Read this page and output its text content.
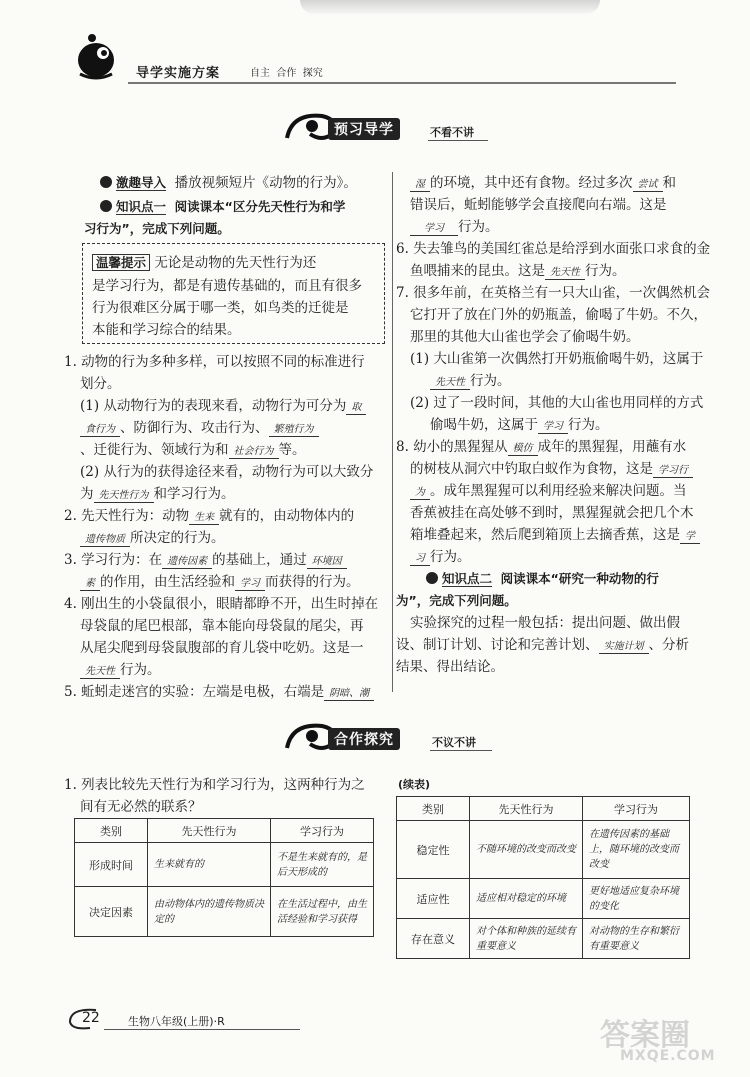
导学实施方案	自主  合作  探究
预习导学	不看不讲
激趣导入 播放视频短片《动物的行为》。
知识点一 阅读课本“区分先天性行为和学
习行为”，完成下列问题。
温馨提示 无论是动物的先天性行为还
是学习行为，都是有遗传基础的，而且有很多
行为很难区分属于哪一类，如鸟类的迁徙是
本能和学习综合的结果。
1. 动物的行为多种多样，可以按照不同的标准进行
划分。
(1) 从动物行为的表现来看，动物行为可分为 取
食行为 、防御行为、攻击行为、 繁殖行为
、迁徙行为、领域行为和 社会行为 等。
(2) 从行为的获得途径来看，动物行为可以大致分
为 先天性行为 和学习行为。
2. 先天性行为：动物 生来 就有的，由动物体内的
遗传物质 所决定的行为。
3. 学习行为：在 遗传因素 的基础上，通过 环境因
素 的作用，由生活经验和 学习 而获得的行为。
4. 刚出生的小袋鼠很小，眼睛都睁不开，出生时掉在
母袋鼠的尾巴根部，靠本能向母袋鼠的尾尖，再
从尾尖爬到母袋鼠腹部的育儿袋中吃奶。这是一
先天性 行为。
5. 蚯蚓走迷宫的实验：左端是电极，右端是 阴暗、潮
湿 的环境，其中还有食物。经过多次 尝试 和
错误后，蚯蚓能够学会直接爬向右端。这是
学习 行为。
6. 失去雏鸟的美国红雀总是给浮到水面张口求食的金
鱼喂捕来的昆虫。这是 先天性 行为。
7. 很多年前，在英格兰有一只大山雀，一次偶然机会
它打开了放在门外的奶瓶盖，偷喝了牛奶。不久，
那里的其他大山雀也学会了偷喝牛奶。
(1) 大山雀第一次偶然打开奶瓶偷喝牛奶，这属于
先天性 行为。
(2) 过了一段时间，其他的大山雀也用同样的方式
偷喝牛奶，这属于 学习 行为。
8. 幼小的黑猩猩从 模仿 成年的黑猩猩，用蘸有水
的树枝从洞穴中钓取白蚁作为食物，这是 学习行
为 。成年黑猩猩可以利用经验来解决问题。当
香蕉被挂在高处够不到时，黑猩猩就会把几个木
箱堆叠起来，然后爬到箱顶上去摘香蕉，这是 学
习 行为。
知识点二 阅读课本“研究一种动物的行
为”，完成下列问题。
实验探究的过程一般包括：提出问题、做出假
设、制订计划、讨论和完善计划、 实施计划 、分析
结果、得出结论。
合作探究	不议不讲
1. 列表比较先天性行为和学习行为，这两种行为之
间有无必然的联系？
类别	先天性行为	学习行为
形成时间	生来就有的	不是生来就有的，是后天形成的
决定因素	由动物体内的遗传物质决定的	在生活过程中，由生活经验和学习获得
(续表)
类别	先天性行为	学习行为
稳定性	不随环境的改变而改变	在遗传因素的基础上，随环境的改变而改变
适应性	适应相对稳定的环境	更好地适应复杂环境的变化
存在意义	对个体和种族的延续有重要意义	对动物的生存和繁衍有重要意义
22	生物八年级(上册)·R	答案圈
MXQE.COM
